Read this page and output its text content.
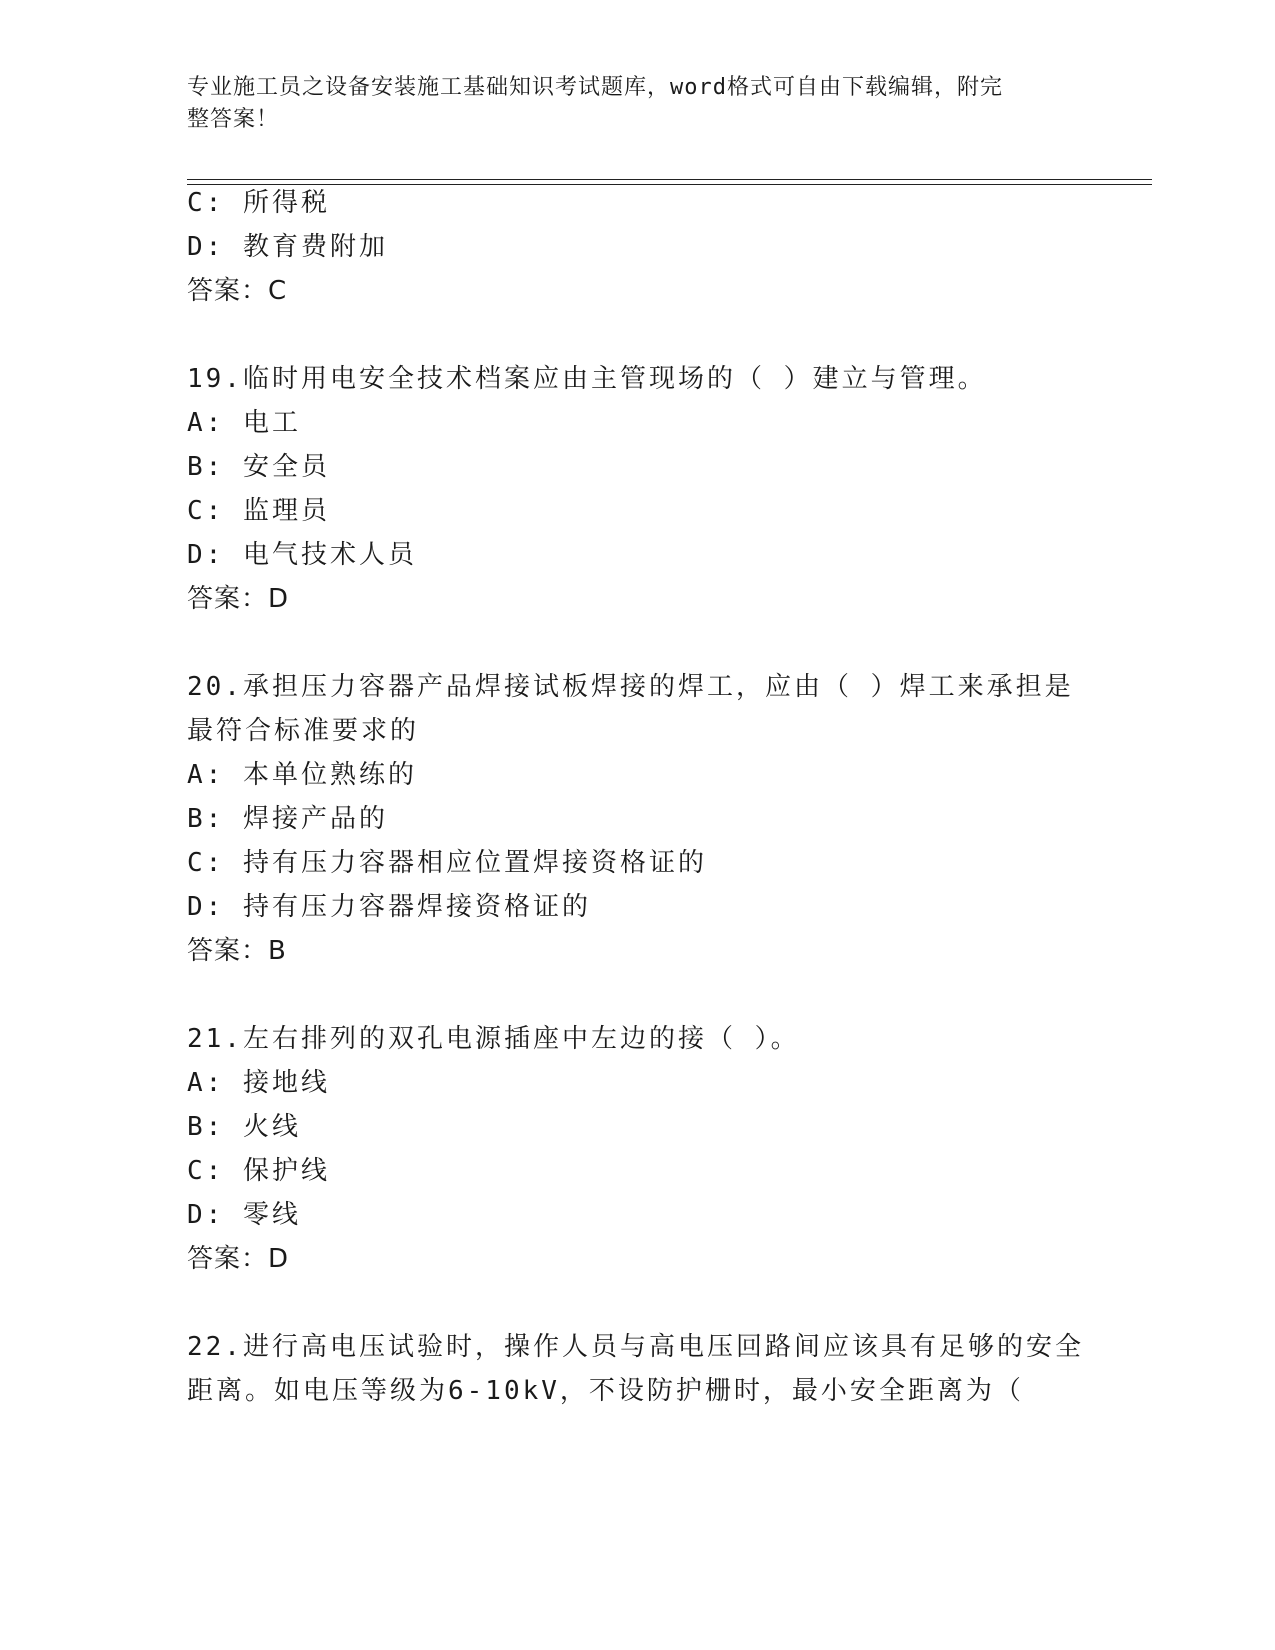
专业施工员之设备安装施工基础知识考试题库，word格式可自由下载编辑，附完
整答案！
C: 所得税
D: 教育费附加
答案：C
19.临时用电安全技术档案应由主管现场的（ ）建立与管理。
A: 电工
B: 安全员
C: 监理员
D: 电气技术人员
答案：D
20.承担压力容器产品焊接试板焊接的焊工，应由（ ）焊工来承担是
最符合标准要求的
A: 本单位熟练的
B: 焊接产品的
C: 持有压力容器相应位置焊接资格证的
D: 持有压力容器焊接资格证的
答案：B
21.左右排列的双孔电源插座中左边的接（ ）。
A: 接地线
B: 火线
C: 保护线
D: 零线
答案：D
22.进行高电压试验时，操作人员与高电压回路间应该具有足够的安全
距离。如电压等级为6-10kV，不设防护栅时，最小安全距离为（
